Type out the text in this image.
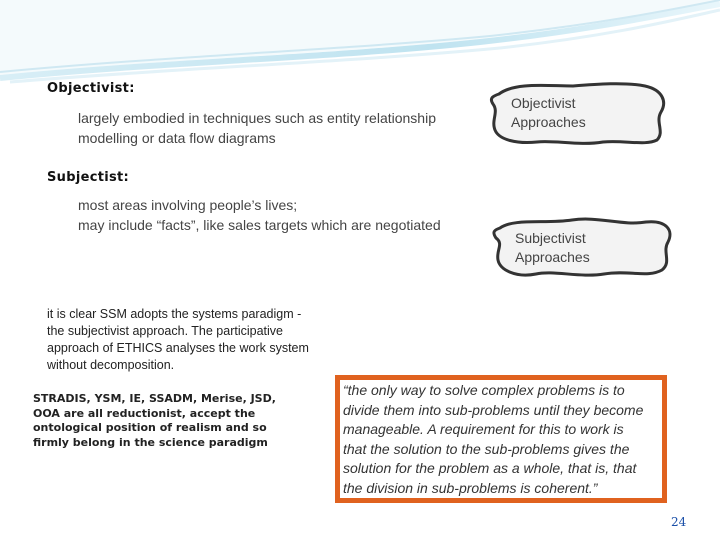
Objectivist:
largely embodied in techniques such as entity relationship
modelling or data flow diagrams
Objectivist
Approaches
Subjectist:
most areas involving people’s lives;
may include “facts”, like sales targets which are negotiated
Subjectivist
Approaches
it is clear SSM adopts the systems paradigm -
the subjectivist approach. The participative
approach of ETHICS analyses the work system
without decomposition.
STRADIS, YSM, IE, SSADM, Merise, JSD,
OOA are all reductionist, accept the
ontological position of realism and so
firmly belong in the science paradigm
“the only way to solve complex problems is to
divide them into sub-problems until they become
manageable. A requirement for this to work is
that the solution to the sub-problems gives the
solution for the problem as a whole, that is, that
the division in sub-problems is coherent.”
24
